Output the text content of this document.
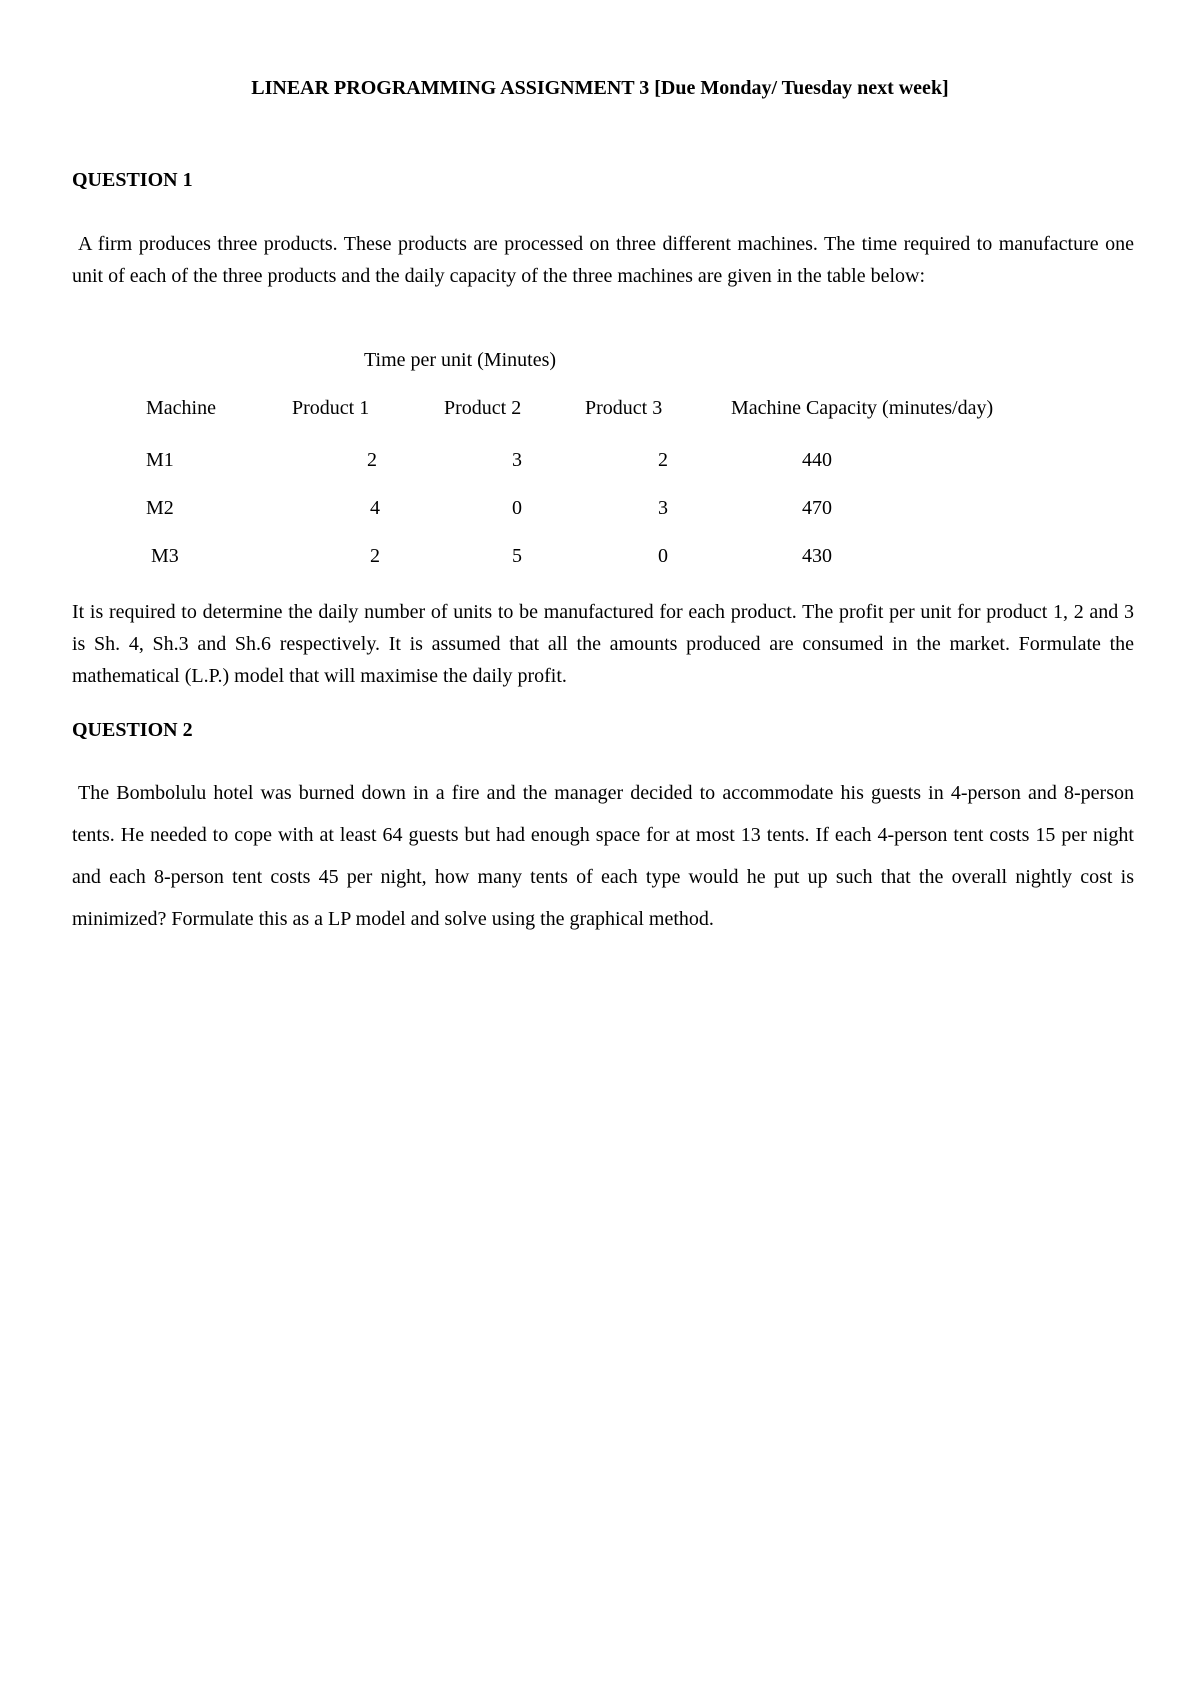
LINEAR PROGRAMMING ASSIGNMENT 3 [Due Monday/ Tuesday next week]
QUESTION 1

A firm produces three products. These products are processed on three different machines. The time required to manufacture one unit of each of the three products and the daily capacity of the three machines are given in the table below:

Time per unit (Minutes)
Machine	Product 1	Product 2	Product 3	Machine Capacity (minutes/day)
M1	2	3	2	440
M2	4	0	3	470
M3	2	5	0	430

It is required to determine the daily number of units to be manufactured for each product. The profit per unit for product 1, 2 and 3 is Sh. 4, Sh.3 and Sh.6 respectively. It is assumed that all the amounts produced are consumed in the market. Formulate the mathematical (L.P.) model that will maximise the daily profit.

QUESTION 2

The Bombolulu hotel was burned down in a fire and the manager decided to accommodate his guests in 4-person and 8-person tents. He needed to cope with at least 64 guests but had enough space for at most 13 tents. If each 4-person tent costs 15 per night and each 8-person tent costs 45 per night, how many tents of each type would he put up such that the overall nightly cost is minimized? Formulate this as a LP model and solve using the graphical method.
